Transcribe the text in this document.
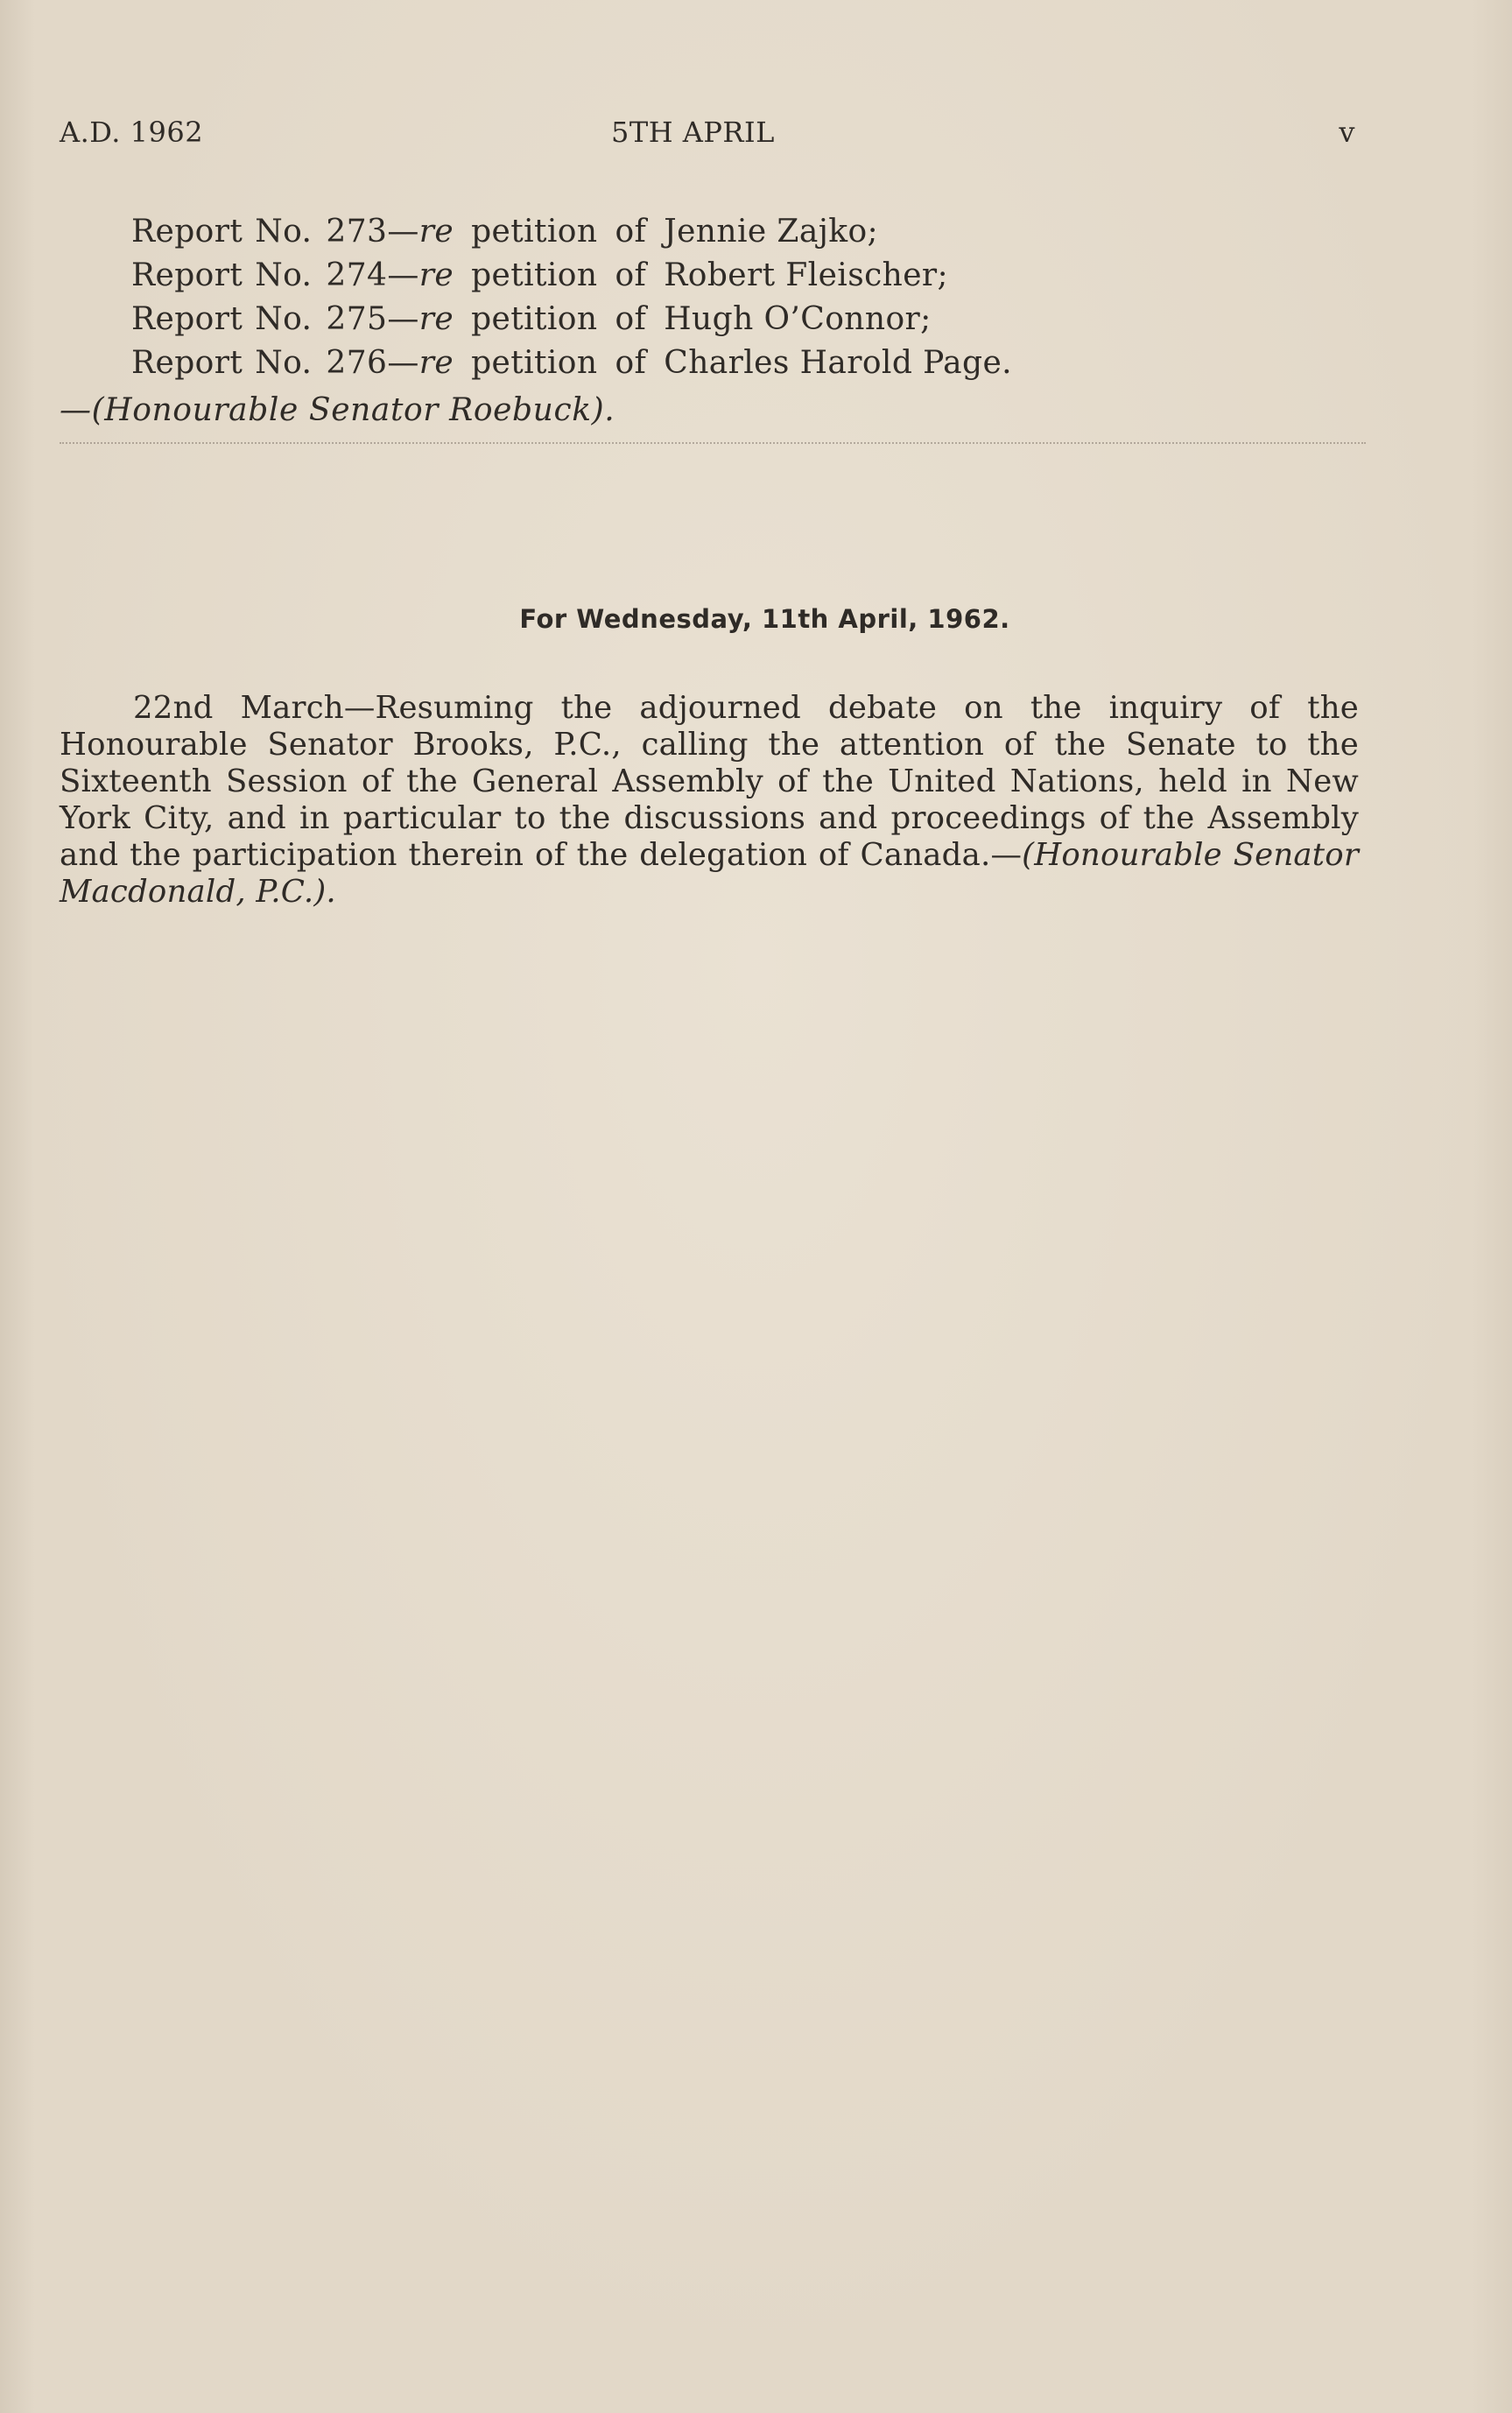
A.D. 1962	5TH APRIL	v
Report No. 273—re petition of Jennie Zajko;
Report No. 274—re petition of Robert Fleischer;
Report No. 275—re petition of Hugh O’Connor;
Report No. 276—re petition of Charles Harold Page.
—(Honourable Senator Roebuck).
For Wednesday, 11th April, 1962.

22nd March—Resuming the adjourned debate on the inquiry of the Honourable Senator Brooks, P.C., calling the attention of the Senate to the Sixteenth Session of the General Assembly of the United Nations, held in New York City, and in particular to the discussions and proceedings of the Assembly and the participation therein of the delegation of Canada.—(Honourable Senator Macdonald, P.C.).
